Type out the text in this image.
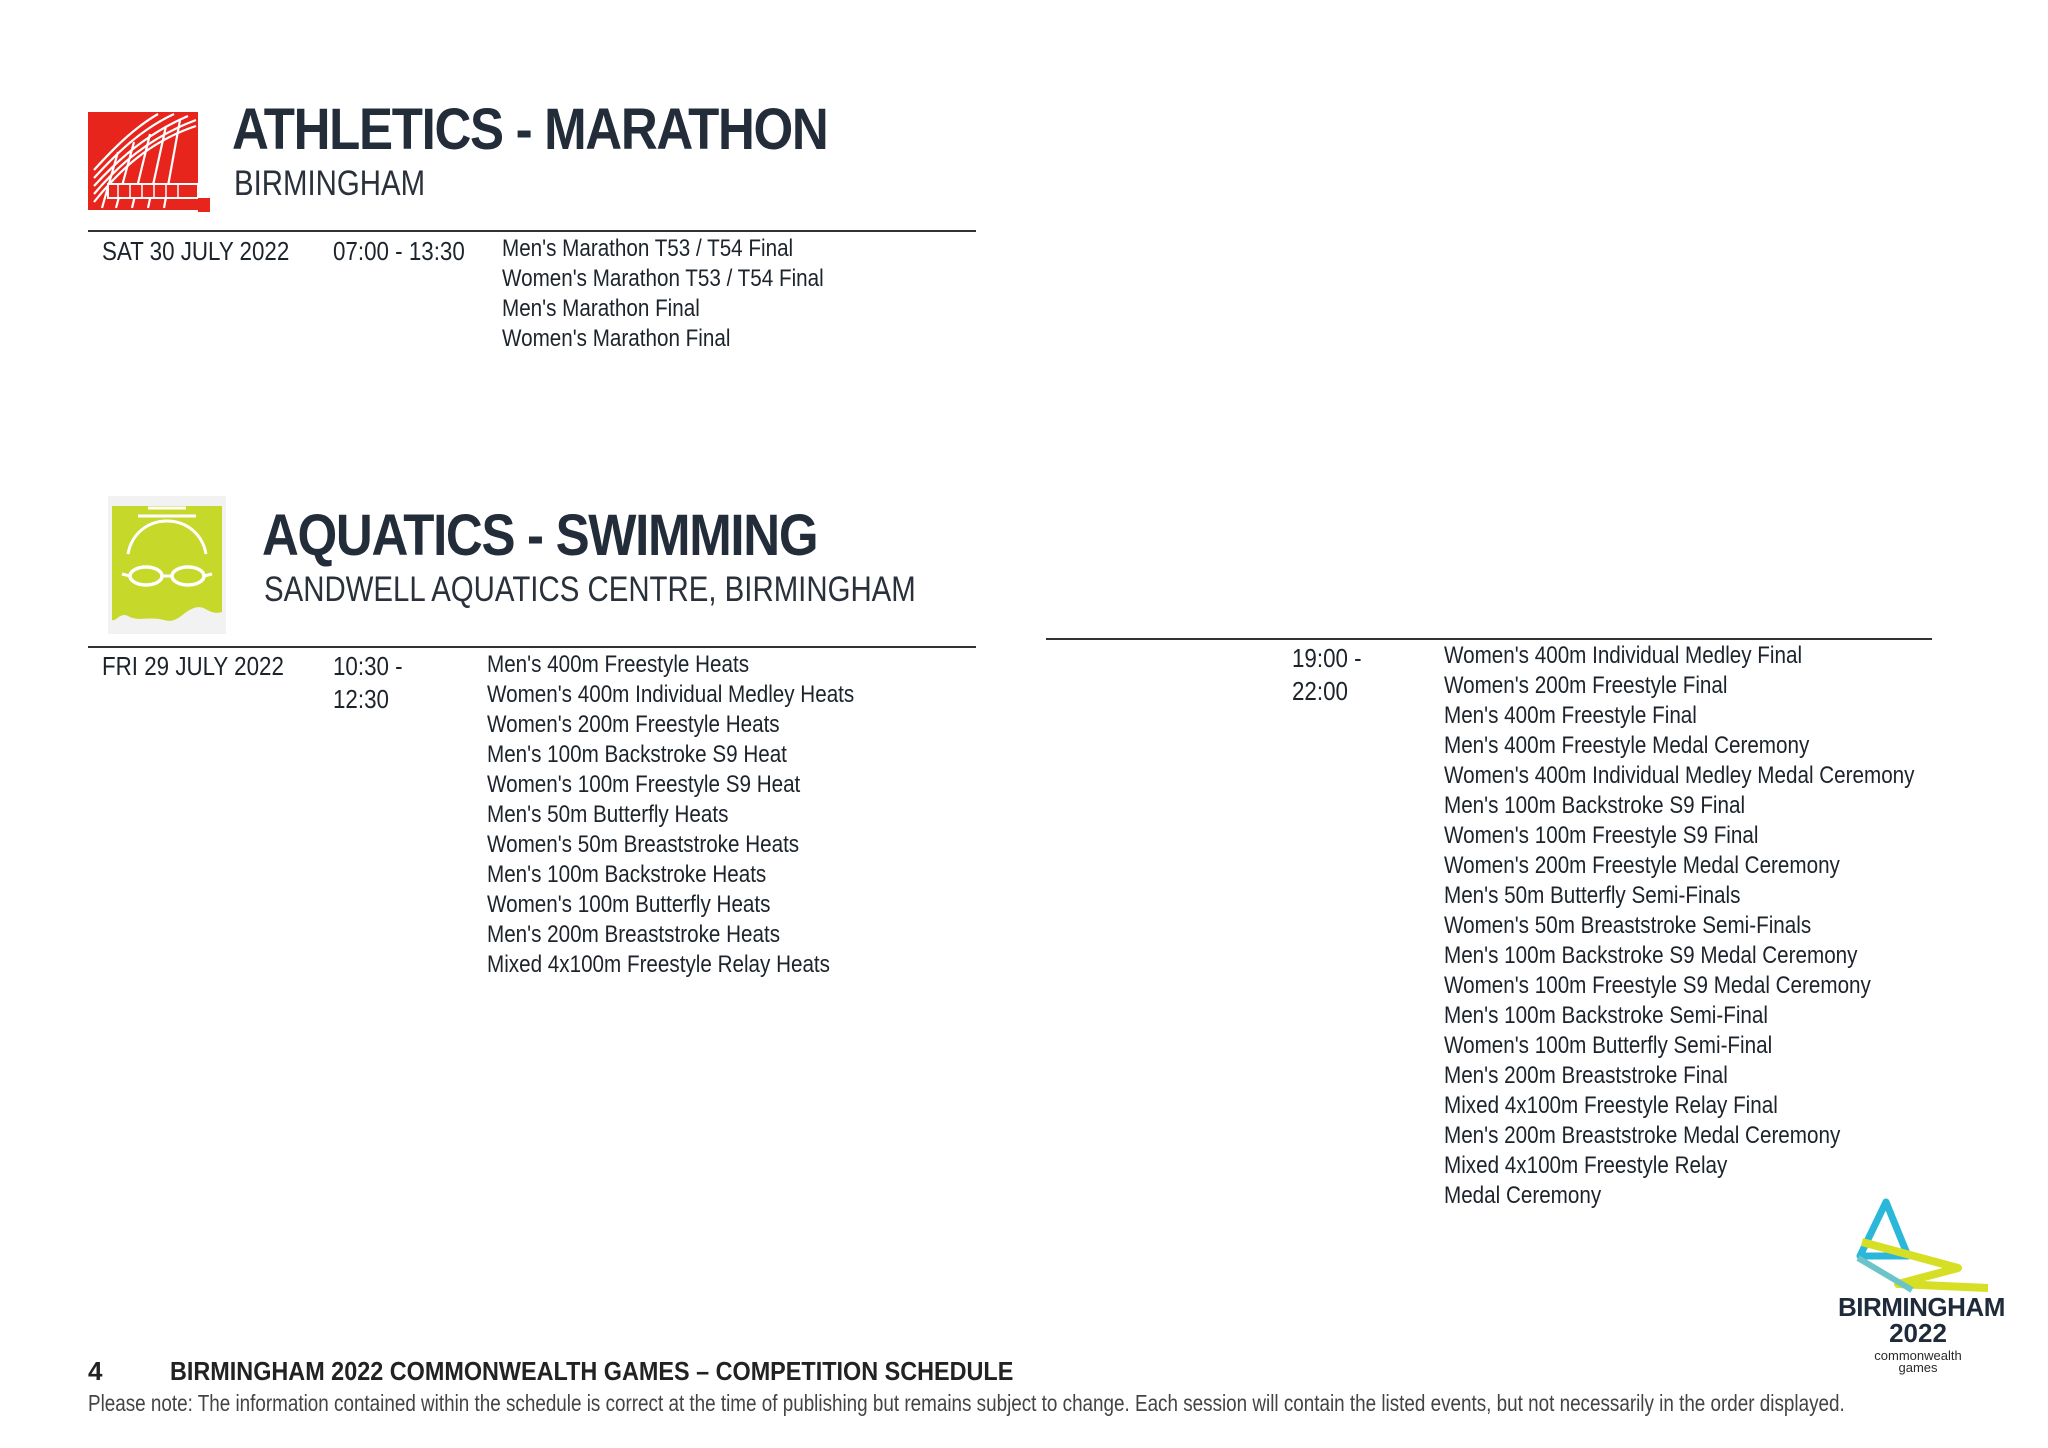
ATHLETICS - MARATHON
BIRMINGHAM
SAT 30 JULY 2022 07:00 - 13:30 Men's Marathon T53 / T54 Final
Women's Marathon T53 / T54 Final
Men's Marathon Final
Women's Marathon Final
AQUATICS - SWIMMING
SANDWELL AQUATICS CENTRE, BIRMINGHAM
FRI 29 JULY 2022 10:30 -
12:30
Men's 400m Freestyle Heats
Women's 400m Individual Medley Heats
Women's 200m Freestyle Heats
Men's 100m Backstroke S9 Heat
Women's 100m Freestyle S9 Heat
Men's 50m Butterfly Heats
Women's 50m Breaststroke Heats
Men's 100m Backstroke Heats
Women's 100m Butterfly Heats
Men's 200m Breaststroke Heats
Mixed 4x100m Freestyle Relay Heats
19:00 -
22:00
Women's 400m Individual Medley Final
Women's 200m Freestyle Final
Men's 400m Freestyle Final
Men's 400m Freestyle Medal Ceremony
Women's 400m Individual Medley Medal Ceremony
Men's 100m Backstroke S9 Final
Women's 100m Freestyle S9 Final
Women's 200m Freestyle Medal Ceremony
Men's 50m Butterfly Semi-Finals
Women's 50m Breaststroke Semi-Finals
Men's 100m Backstroke S9 Medal Ceremony
Women's 100m Freestyle S9 Medal Ceremony
Men's 100m Backstroke Semi-Final
Women's 100m Butterfly Semi-Final
Men's 200m Breaststroke Final
Mixed 4x100m Freestyle Relay Final
Men's 200m Breaststroke Medal Ceremony
Mixed 4x100m Freestyle Relay
Medal Ceremony
BIRMINGHAM
2022
commonwealth
games
4	BIRMINGHAM 2022 COMMONWEALTH GAMES – COMPETITION SCHEDULE
Please note: The information contained within the schedule is correct at the time of publishing but remains subject to change. Each session will contain the listed events, but not necessarily in the order displayed.
